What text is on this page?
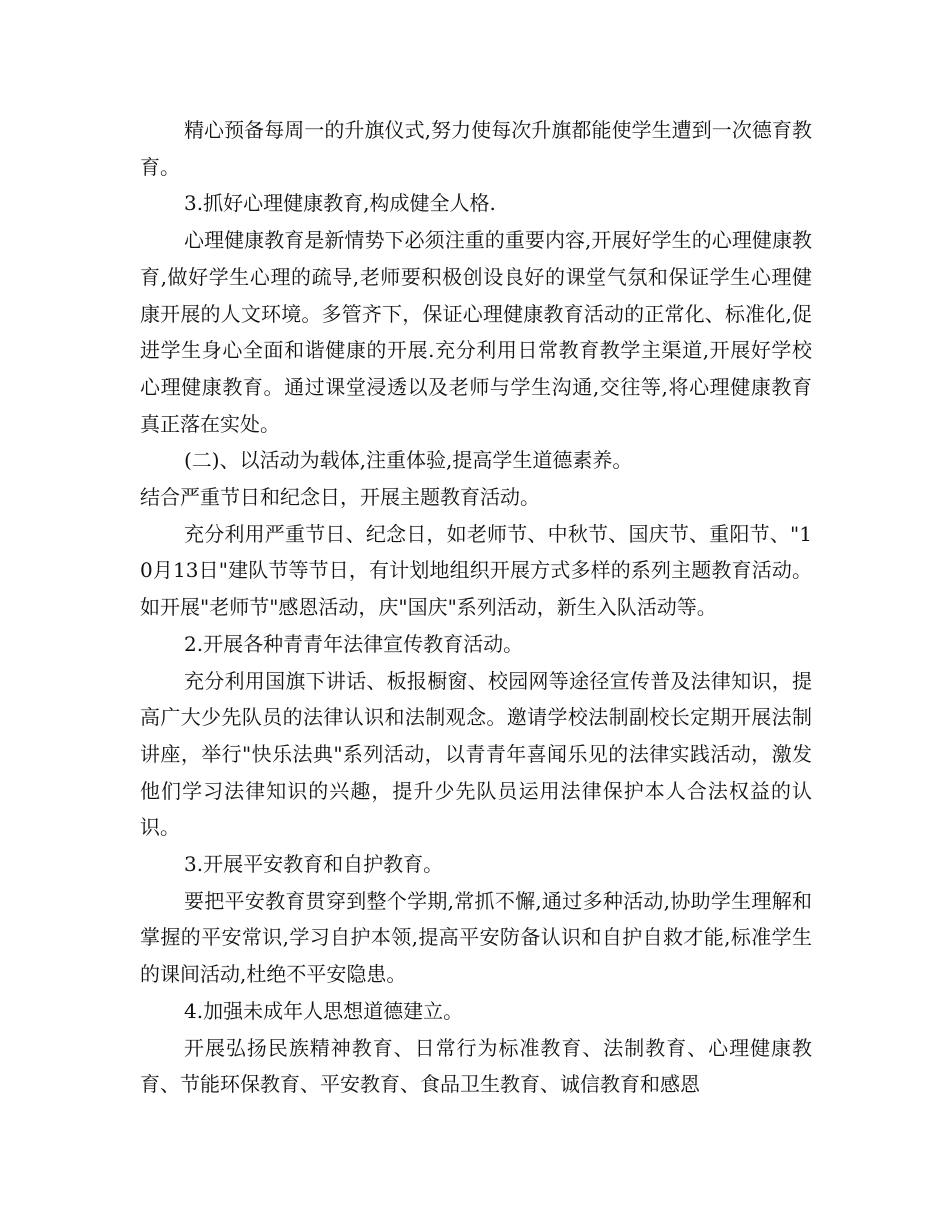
精心预备每周一的升旗仪式,努力使每次升旗都能使学生遭到一次德育教育。

3.抓好心理健康教育,构成健全人格.

心理健康教育是新情势下必须注重的重要内容,开展好学生的心理健康教育,做好学生心理的疏导,老师要积极创设良好的课堂气氛和保证学生心理健康开展的人文环境。多管齐下，保证心理健康教育活动的正常化、标准化,促进学生身心全面和谐健康的开展.充分利用日常教育教学主渠道,开展好学校心理健康教育。通过课堂浸透以及老师与学生沟通,交往等,将心理健康教育真正落在实处。

(二)、以活动为载体,注重体验,提高学生道德素养。

结合严重节日和纪念日，开展主题教育活动。

充分利用严重节日、纪念日，如老师节、中秋节、国庆节、重阳节、"10月13日"建队节等节日，有计划地组织开展方式多样的系列主题教育活动。如开展"老师节"感恩活动，庆"国庆"系列活动，新生入队活动等。

2.开展各种青青年法律宣传教育活动。

充分利用国旗下讲话、板报橱窗、校园网等途径宣传普及法律知识，提高广大少先队员的法律认识和法制观念。邀请学校法制副校长定期开展法制讲座，举行"快乐法典"系列活动，以青青年喜闻乐见的法律实践活动，激发他们学习法律知识的兴趣，提升少先队员运用法律保护本人合法权益的认识。

3.开展平安教育和自护教育。

要把平安教育贯穿到整个学期,常抓不懈,通过多种活动,协助学生理解和掌握的平安常识,学习自护本领,提高平安防备认识和自护自救才能,标准学生的课间活动,杜绝不平安隐患。

4.加强未成年人思想道德建立。

开展弘扬民族精神教育、日常行为标准教育、法制教育、心理健康教育、节能环保教育、平安教育、食品卫生教育、诚信教育和感恩
